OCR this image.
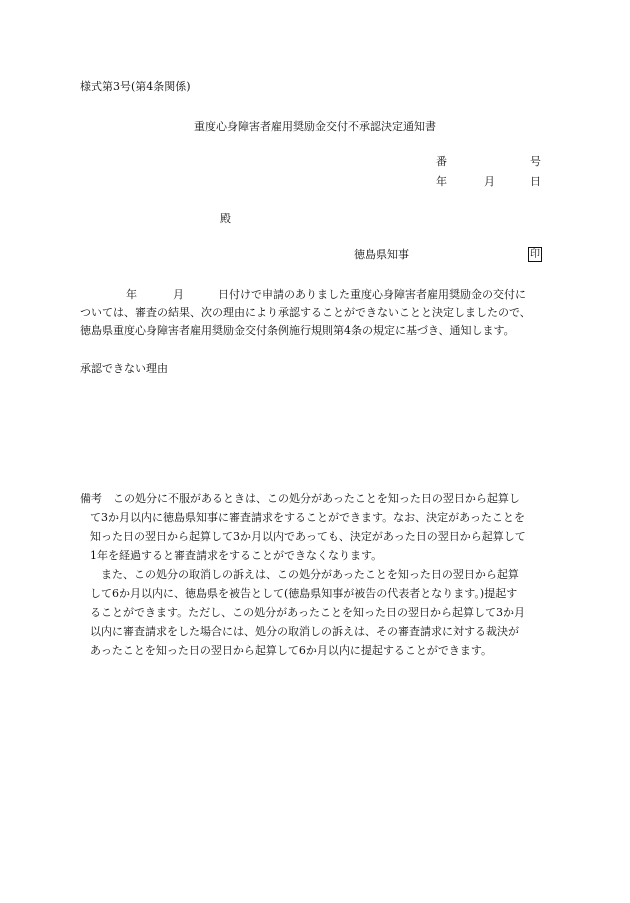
様式第3号(第4条関係)
重度心身障害者雇用奨励金交付不承認決定通知書
番	号
年	月	日
殿
徳島県知事	印
年	月	日付けで申請のありました重度心身障害者雇用奨励金の交付に
ついては、審査の結果、次の理由により承認することができないことと決定しましたので、
徳島県重度心身障害者雇用奨励金交付条例施行規則第4条の規定に基づき、通知します。
承認できない理由
備考　この処分に不服があるときは、この処分があったことを知った日の翌日から起算し
て3か月以内に徳島県知事に審査請求をすることができます。なお、決定があったことを
知った日の翌日から起算して3か月以内であっても、決定があった日の翌日から起算して
1年を経過すると審査請求をすることができなくなります。
　また、この処分の取消しの訴えは、この処分があったことを知った日の翌日から起算
して6か月以内に、徳島県を被告として(徳島県知事が被告の代表者となります。)提起す
ることができます。ただし、この処分があったことを知った日の翌日から起算して3か月
以内に審査請求をした場合には、処分の取消しの訴えは、その審査請求に対する裁決が
あったことを知った日の翌日から起算して6か月以内に提起することができます。
